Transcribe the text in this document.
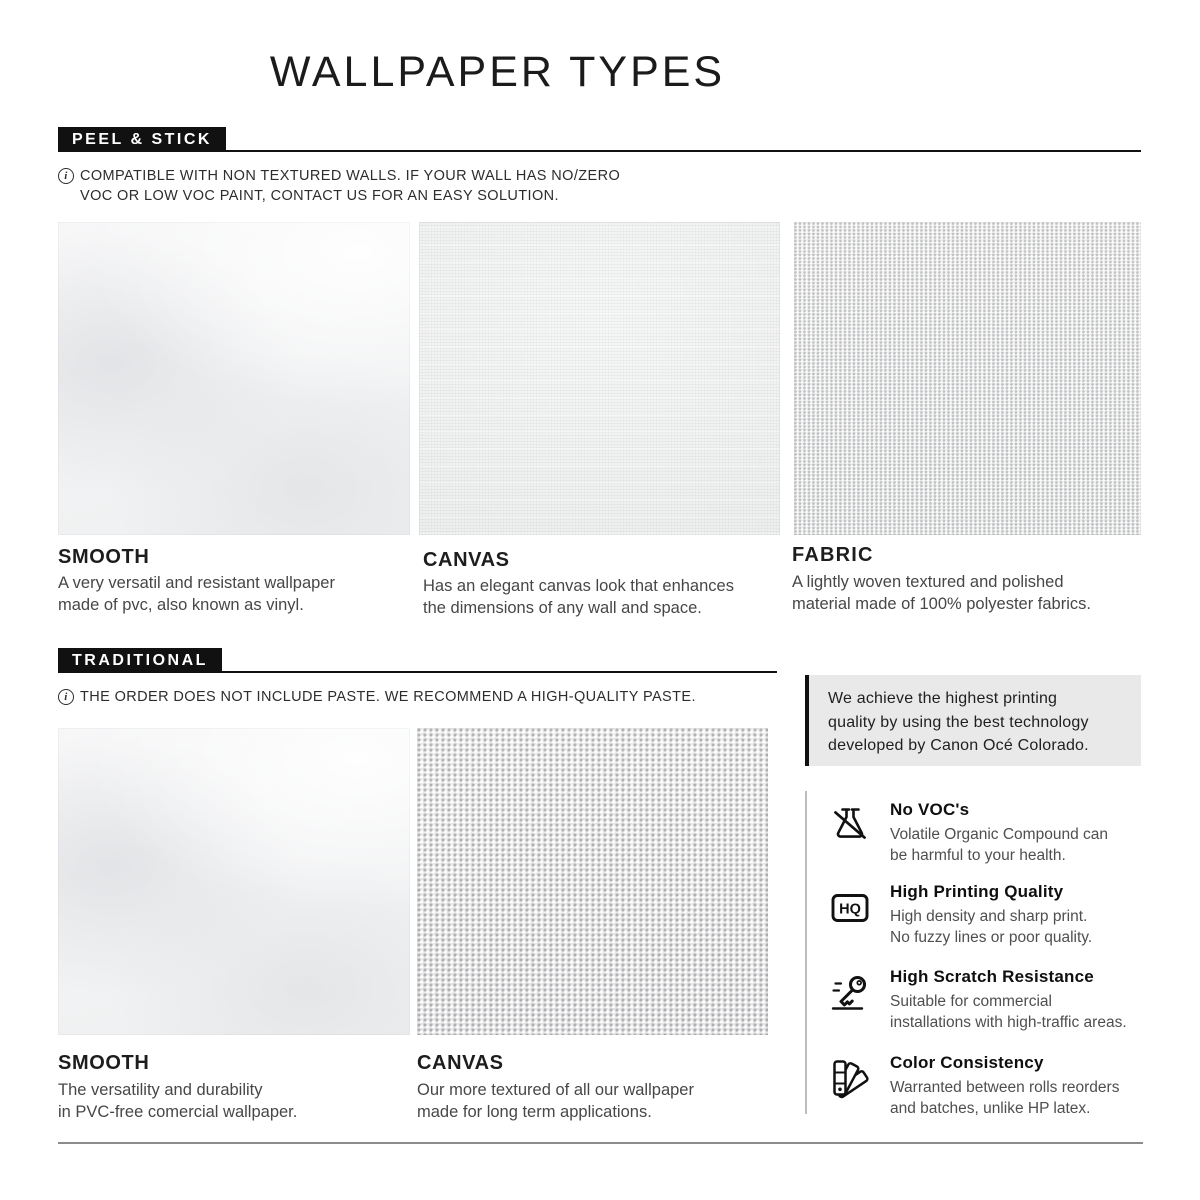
WALLPAPER TYPES
PEEL & STICK
i COMPATIBLE WITH NON TEXTURED WALLS. IF YOUR WALL HAS NO/ZERO
VOC OR LOW VOC PAINT, CONTACT US FOR AN EASY SOLUTION.
SMOOTH
A very versatil and resistant wallpaper
made of pvc, also known as vinyl.
CANVAS
Has an elegant canvas look that enhances
the dimensions of any wall and space.
FABRIC
A lightly woven textured and polished
material made of 100% polyester fabrics.
TRADITIONAL
i THE ORDER DOES NOT INCLUDE PASTE. WE RECOMMEND A HIGH-QUALITY PASTE.
SMOOTH
The versatility and durability
in PVC-free comercial wallpaper.
CANVAS
Our more textured of all our wallpaper
made for long term applications.
We achieve the highest printing
quality by using the best technology
developed by Canon Océ Colorado.
No VOC's
Volatile Organic Compound can
be harmful to your health.
HQ
High Printing Quality
High density and sharp print.
No fuzzy lines or poor quality.
High Scratch Resistance
Suitable for commercial
installations with high-traffic areas.
Color Consistency
Warranted between rolls reorders
and batches, unlike HP latex.
